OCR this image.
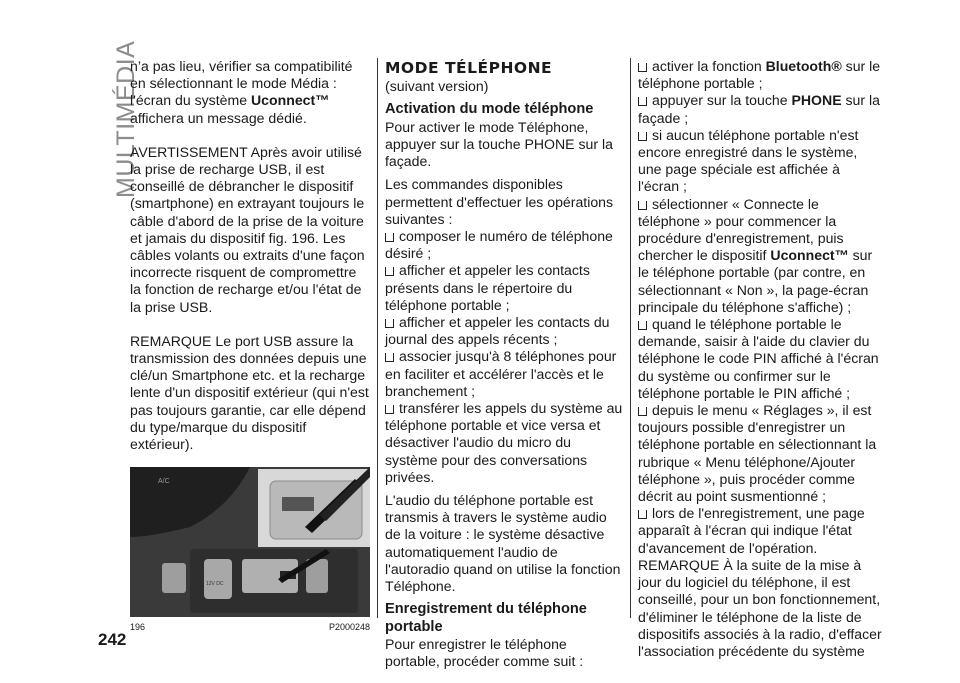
MULTIMÉDIA
242

n’a pas lieu, vérifier sa compatibilité en sélectionnant le mode Média : l'écran du système Uconnect™ affichera un message dédié.

AVERTISSEMENT Après avoir utilisé la prise de recharge USB, il est conseillé de débrancher le dispositif (smartphone) en extrayant toujours le câble d'abord de la prise de la voiture et jamais du dispositif fig. 196. Les câbles volants ou extraits d'une façon incorrecte risquent de compromettre la fonction de recharge et/ou l'état de la prise USB.

REMARQUE Le port USB assure la transmission des données depuis une clé/un Smartphone etc. et la recharge lente d'un dispositif extérieur (qui n'est pas toujours garantie, car elle dépend du type/marque du dispositif extérieur).

A/C
12V DC
196	P2000248

MODE TÉLÉPHONE

(suivant version)

Activation du mode téléphone

Pour activer le mode Téléphone, appuyer sur la touche PHONE sur la façade.

Les commandes disponibles permettent d'effectuer les opérations suivantes :

composer le numéro de téléphone désiré ;

afficher et appeler les contacts présents dans le répertoire du téléphone portable ;

afficher et appeler les contacts du journal des appels récents ;

associer jusqu'à 8 téléphones pour en faciliter et accélérer l'accès et le branchement ;

transférer les appels du système au téléphone portable et vice versa et désactiver l'audio du micro du système pour des conversations privées.

L'audio du téléphone portable est transmis à travers le système audio de la voiture : le système désactive automatiquement l'audio de l'autoradio quand on utilise la fonction Téléphone.

Enregistrement du téléphone portable

Pour enregistrer le téléphone portable, procéder comme suit :

activer la fonction Bluetooth® sur le téléphone portable ;

appuyer sur la touche PHONE sur la façade ;

si aucun téléphone portable n'est encore enregistré dans le système, une page spéciale est affichée à l'écran ;

sélectionner « Connecte le téléphone » pour commencer la procédure d'enregistrement, puis chercher le dispositif Uconnect™ sur le téléphone portable (par contre, en sélectionnant « Non », la page-écran principale du téléphone s'affiche) ;

quand le téléphone portable le demande, saisir à l'aide du clavier du téléphone le code PIN affiché à l'écran du système ou confirmer sur le téléphone portable le PIN affiché ;

depuis le menu « Réglages », il est toujours possible d'enregistrer un téléphone portable en sélectionnant la rubrique « Menu téléphone/Ajouter téléphone », puis procéder comme décrit au point susmentionné ;

lors de l'enregistrement, une page apparaît à l'écran qui indique l'état d'avancement de l'opération.

REMARQUE À la suite de la mise à jour du logiciel du téléphone, il est conseillé, pour un bon fonctionnement, d'éliminer le téléphone de la liste de dispositifs associés à la radio, d'effacer l'association précédente du système
